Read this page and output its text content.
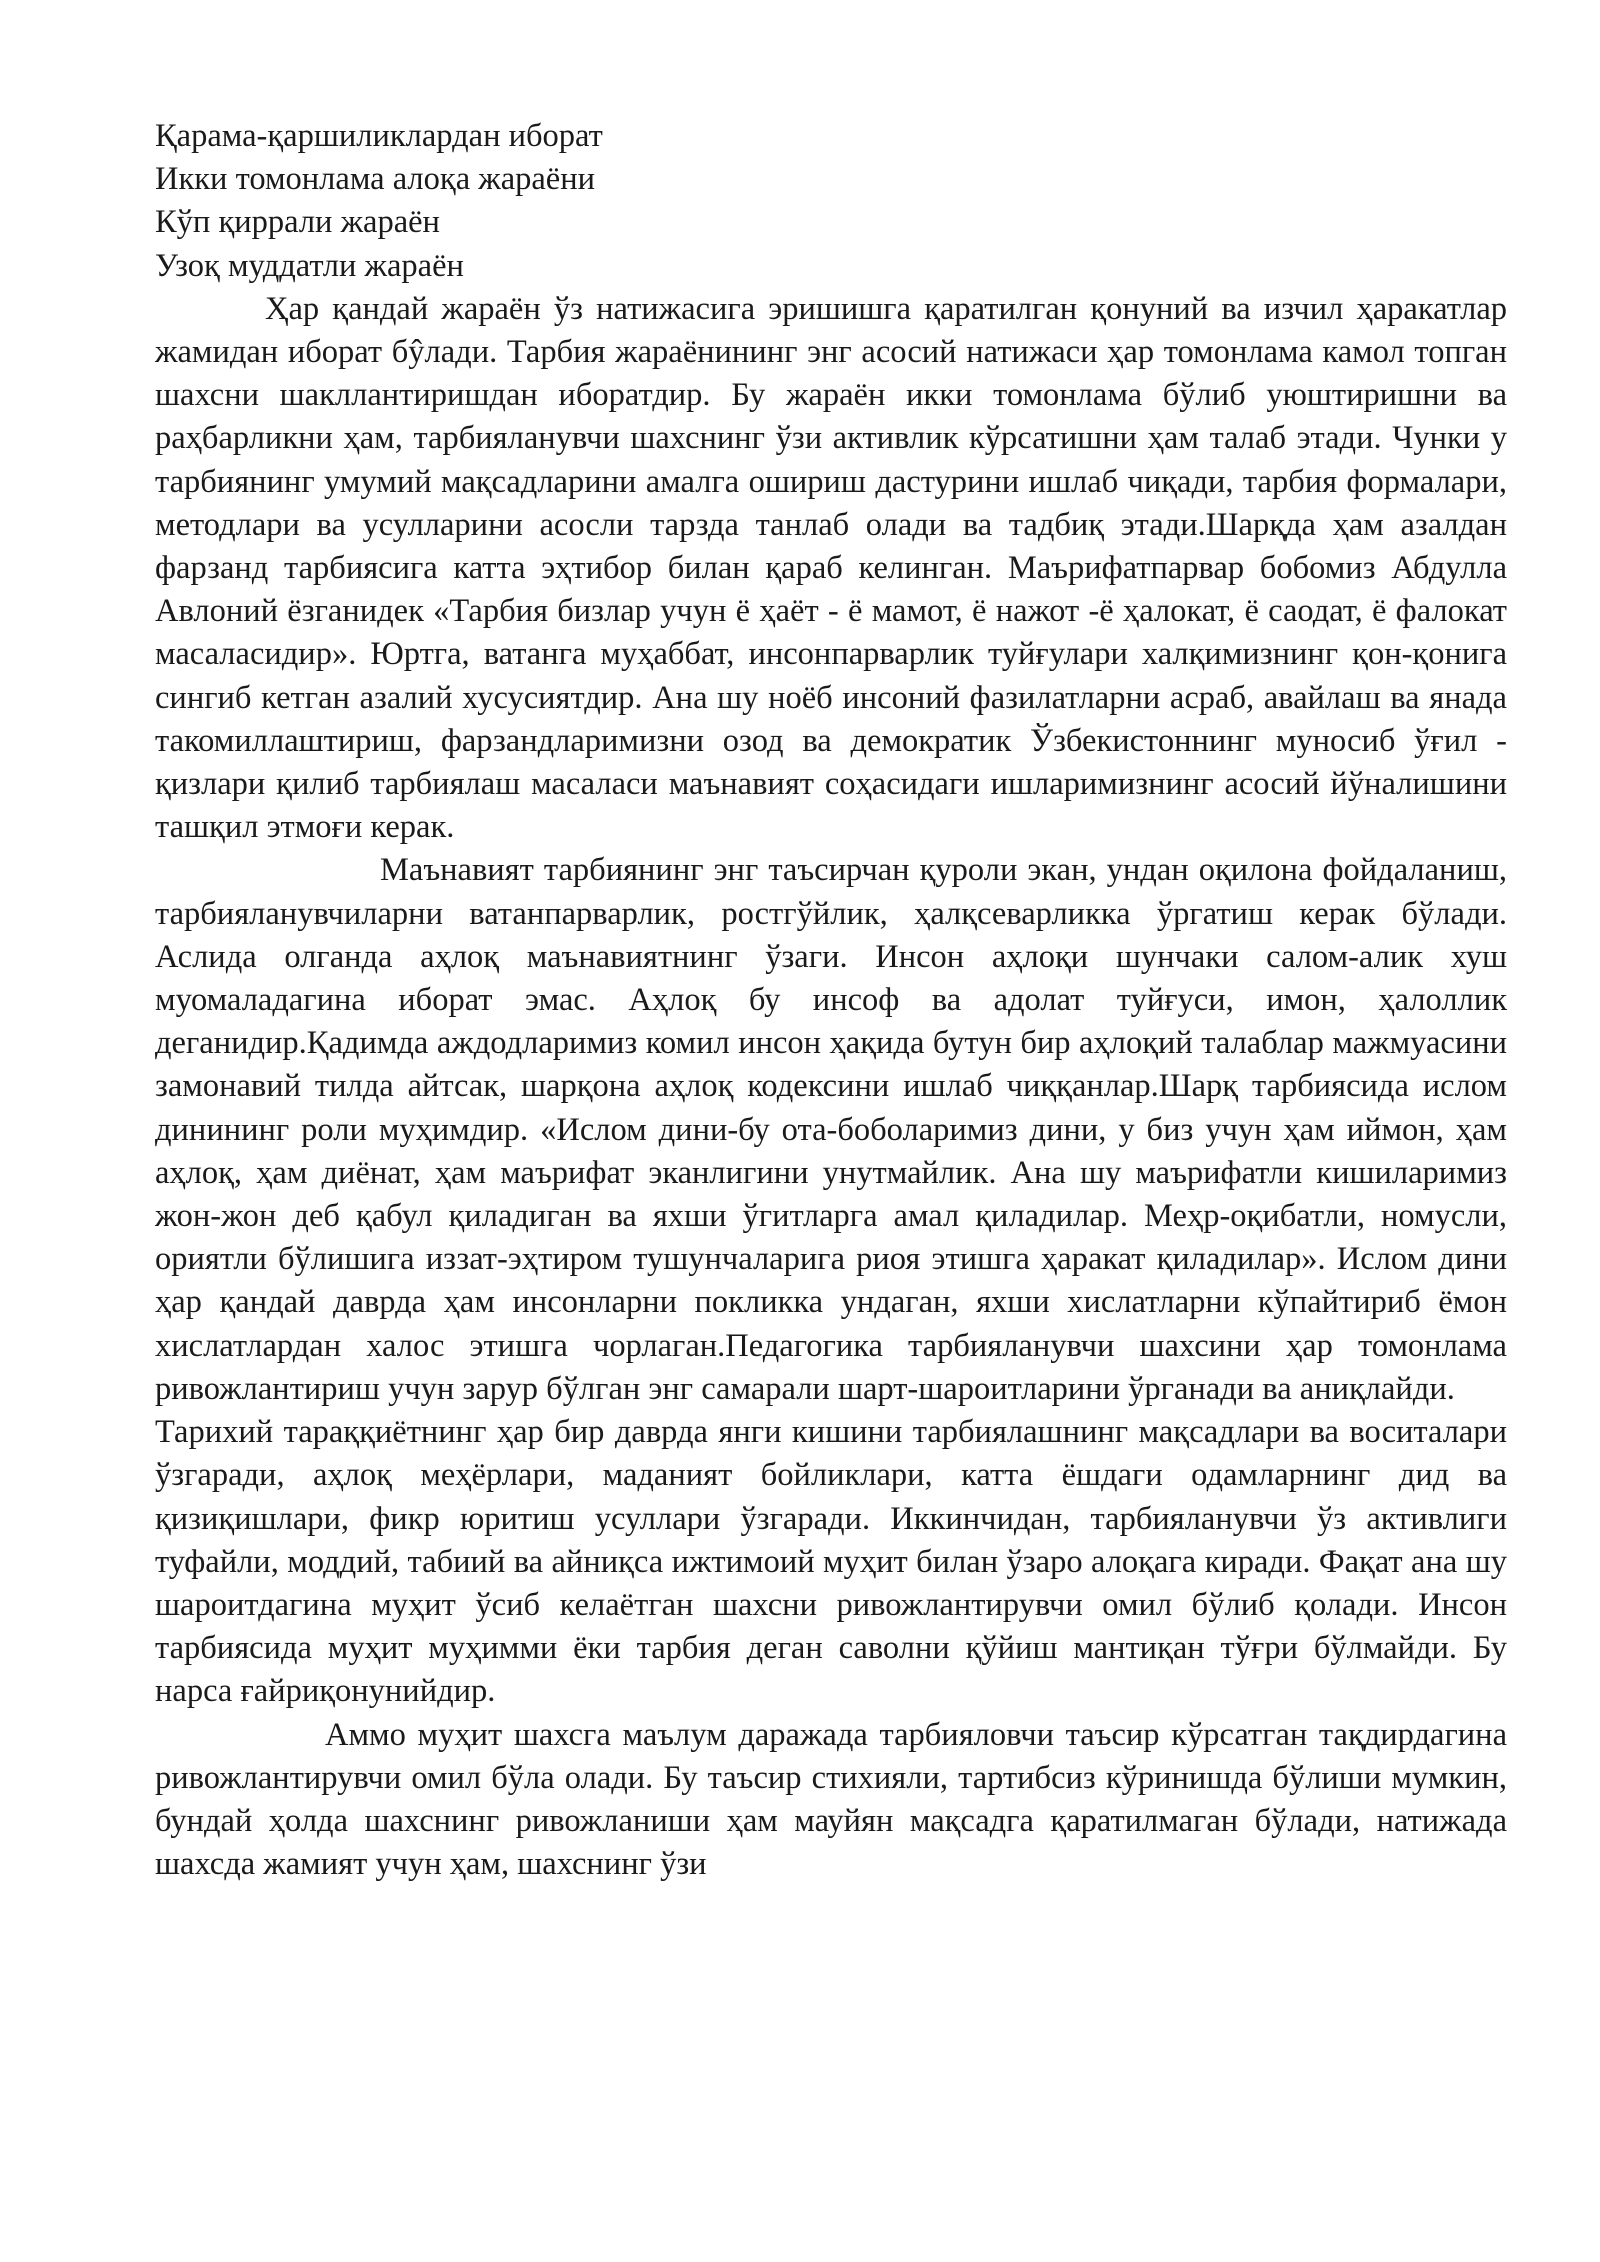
Қарама-қаршиликлардан иборат
Икки томонлама алоқа жараёни
Кўп қиррали жараён
Узоқ муддатли жараён

Ҳар қандай жараён ўз натижасига эришишга қаратилган қонуний ва изчил ҳаракатлар жамидан иборат бŷлади. Тарбия жараёнининг энг асосий натижаси ҳар томонлама камол топган шахсни шакллантиришдан иборатдир. Бу жараён икки томонлама бўлиб уюштиришни ва раҳбарликни ҳам, тарбияланувчи шахснинг ўзи активлик кўрсатишни ҳам талаб этади. Чунки у тарбиянинг умумий мақсадларини амалга ошириш дастурини ишлаб чиқади, тарбия формалари, методлари ва усулларини асосли тарзда танлаб олади ва тадбиқ этади.Шарқда ҳам азалдан фарзанд тарбиясига катта эҳтибор билан қараб келинган. Маърифатпарвар бобомиз Абдулла Авлоний ёзганидек «Тарбия бизлар учун ё ҳаёт - ё мамот, ё нажот -ё ҳалокат, ё саодат, ё фалокат масаласидир». Юртга, ватанга муҳаббат, инсонпарварлик туйғулари халқимизнинг қон-қонига сингиб кетган азалий хусусиятдир. Ана шу ноёб инсоний фазилатларни асраб, авайлаш ва янада такомиллаштириш, фарзандларимизни озод ва демократик Ўзбекистоннинг муносиб ўғил - қизлари қилиб тарбиялаш масаласи маънавият соҳасидаги ишларимизнинг асосий йўналишини ташқил этмоғи керак.

Маънавият тарбиянинг энг таъсирчан қуроли экан, ундан оқилона фойдаланиш, тарбияланувчиларни ватанпарварлик, ростгўйлик, ҳалқсеварликка ўргатиш керак бўлади. Аслида олганда аҳлоқ маънавиятнинг ўзаги. Инсон аҳлоқи шунчаки салом-алик хуш муомаладагина иборат эмас. Аҳлоқ бу инсоф ва адолат туйғуси, имон, ҳалоллик деганидир.Қадимда аждодларимиз комил инсон ҳақида бутун бир аҳлоқий талаблар мажмуасини замонавий тилда айтсак, шарқона аҳлоқ кодексини ишлаб чиққанлар.Шарқ тарбиясида ислом динининг роли муҳимдир. «Ислом дини-бу ота-боболаримиз дини, у биз учун ҳам иймон, ҳам аҳлоқ, ҳам диёнат, ҳам маърифат эканлигини унутмайлик. Ана шу маърифатли кишиларимиз жон-жон деб қабул қиладиган ва яхши ўгитларга амал қиладилар. Меҳр-оқибатли, номусли, ориятли бўлишига иззат-эҳтиром тушунчаларига риоя этишга ҳаракат қиладилар». Ислом дини ҳар қандай даврда ҳам инсонларни покликка ундаган, яхши хислатларни кўпайтириб ёмон хислатлардан халос этишга чорлаган.Педагогика тарбияланувчи шахсини ҳар томонлама ривожлантириш учун зарур бўлган энг самарали шарт-шароитларини ўрганади ва аниқлайди.

Тарихий тараққиётнинг ҳар бир даврда янги кишини тарбиялашнинг мақсадлари ва воситалари ўзгаради, аҳлоқ меҳёрлари, маданият бойликлари, катта ёшдаги одамларнинг дид ва қизиқишлари, фикр юритиш усуллари ўзгаради. Иккинчидан, тарбияланувчи ўз активлиги туфайли, моддий, табиий ва айниқса ижтимоий муҳит билан ўзаро алоқага киради. Фақат ана шу шароитдагина муҳит ўсиб келаётган шахсни ривожлантирувчи омил бўлиб қолади. Инсон тарбиясида муҳит муҳимми ёки тарбия деган саволни қўйиш мантиқан тўғри бўлмайди. Бу нарса ғайриқонунийдир.

Аммо муҳит шахсга маълум даражада тарбияловчи таъсир кўрсатган тақдирдагина ривожлантирувчи омил бўла олади. Бу таъсир стихияли, тартибсиз кўринишда бўлиши мумкин, бундай ҳолда шахснинг ривожланиши ҳам мауйян мақсадга қаратилмаган бўлади, натижада шахсда жамият учун ҳам, шахснинг ўзи
